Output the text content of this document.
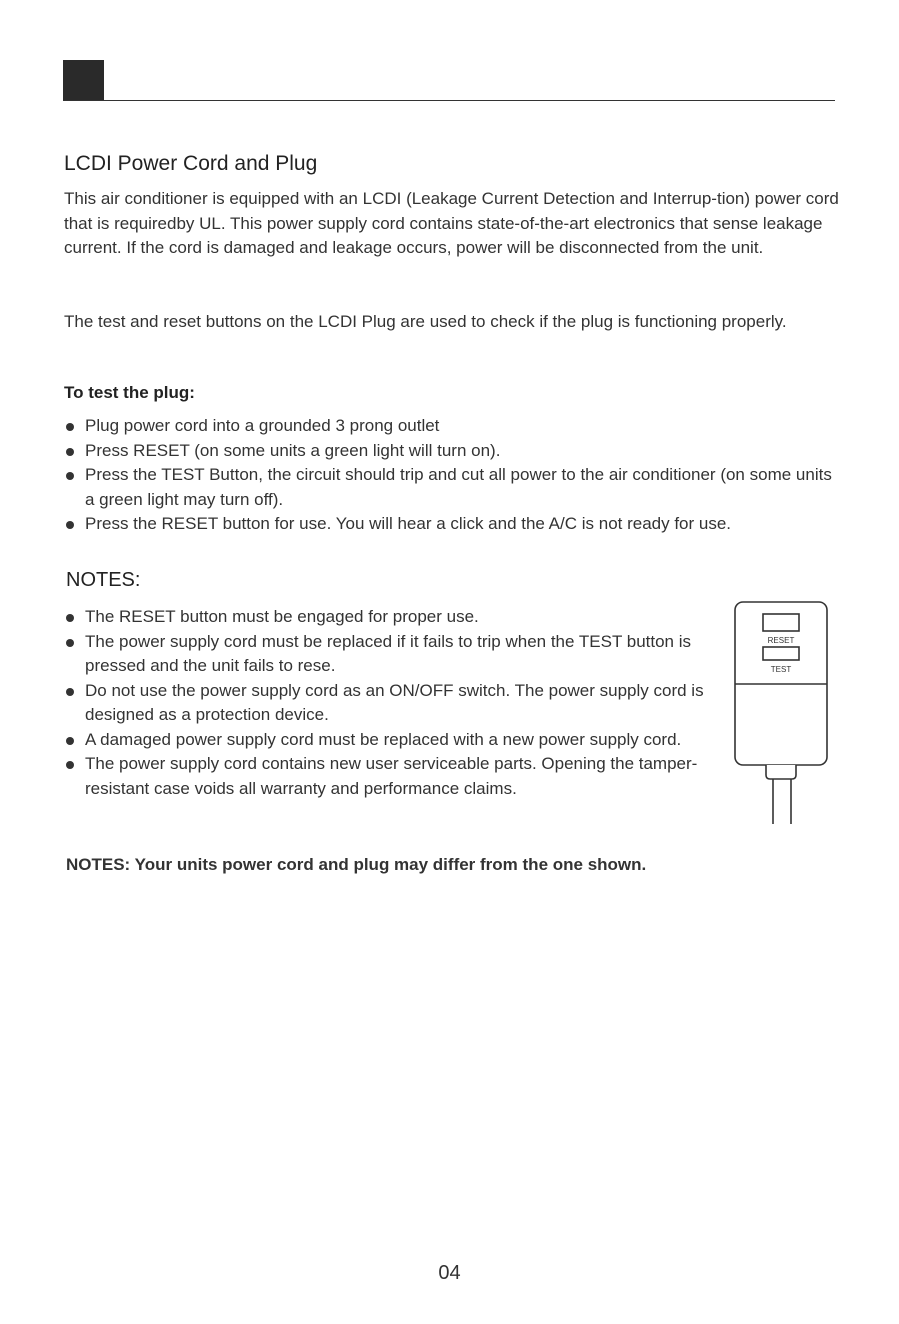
LCDI Power Cord and Plug

This air conditioner is equipped with an LCDI (Leakage Current Detection and Interrup-tion) power cord that is requiredby UL. This power supply cord contains state-of-the-art electronics that sense leakage current. If the cord is damaged and leakage occurs, power will be disconnected from the unit.

The test and reset buttons on the LCDI Plug are used to check if the plug is functioning properly.

To test the plug:
Plug power cord into a grounded 3 prong outlet
Press RESET (on some units a green light will turn on).
Press the TEST Button, the circuit should trip and cut all power to the air conditioner (on some units a green light may turn off).
Press the RESET button for use. You will hear a click and the A/C is not ready for use.
NOTES:
The RESET button must be engaged for proper use.
The power supply cord must be replaced if it fails to trip when the TEST button is pressed and the unit fails to rese.
Do not use the power supply cord as an ON/OFF switch. The power supply cord is designed as a protection device.
A damaged power supply cord must be replaced with a new power supply cord.
The power supply cord contains new user serviceable parts. Opening the tamper-resistant case voids all warranty and performance claims.
RESET
TEST

NOTES: Your units power cord and plug may differ from the one shown.

04
